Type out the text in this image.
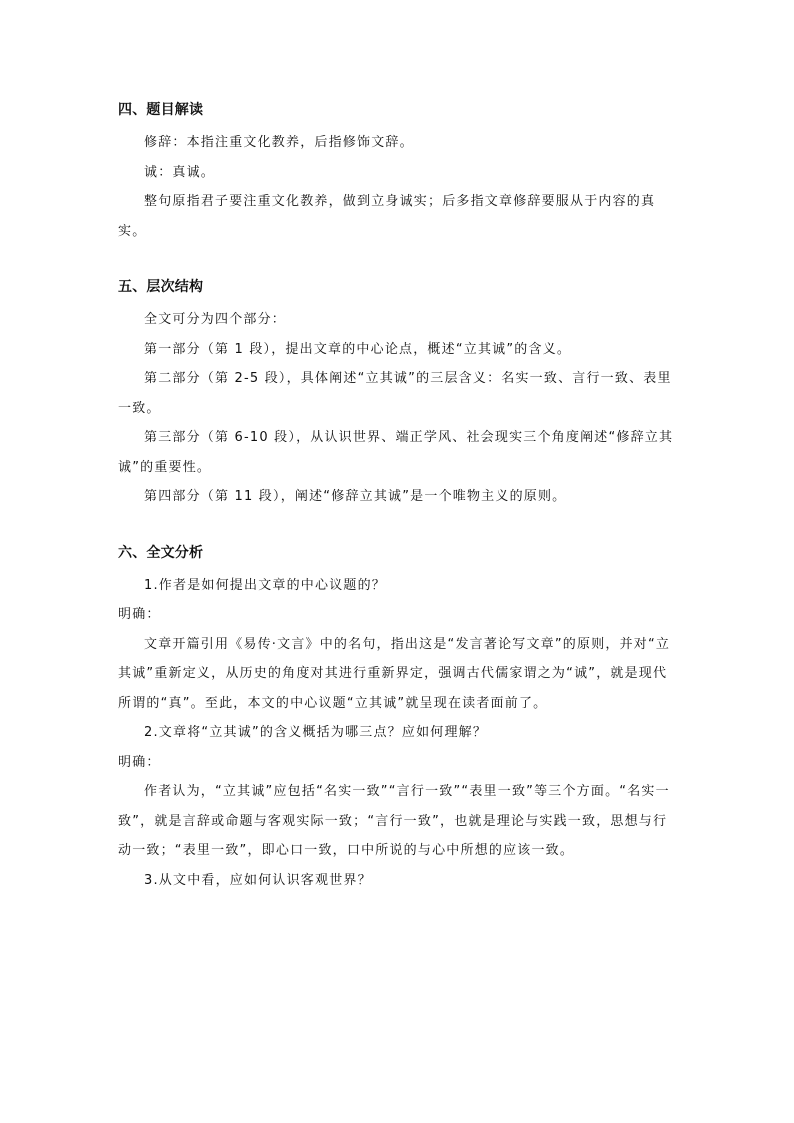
四、题目解读

修辞：本指注重文化教养，后指修饰文辞。

诚：真诚。

整句原指君子要注重文化教养，做到立身诚实；后多指文章修辞要服从于内容的真实。

五、层次结构

全文可分为四个部分：

第一部分（第 1 段），提出文章的中心论点，概述“立其诚”的含义。

第二部分（第 2-5 段），具体阐述“立其诚”的三层含义：名实一致、言行一致、表里一致。

第三部分（第 6-10 段），从认识世界、端正学风、社会现实三个角度阐述“修辞立其诚”的重要性。

第四部分（第 11 段），阐述“修辞立其诚”是一个唯物主义的原则。

六、全文分析

1.作者是如何提出文章的中心议题的？

明确：

文章开篇引用《易传·文言》中的名句，指出这是“发言著论写文章”的原则，并对“立其诚”重新定义，从历史的角度对其进行重新界定，强调古代儒家谓之为“诚”，就是现代所谓的“真”。至此，本文的中心议题“立其诚”就呈现在读者面前了。

2.文章将“立其诚”的含义概括为哪三点？应如何理解？

明确：

作者认为，“立其诚”应包括“名实一致”“言行一致”“表里一致”等三个方面。“名实一致”，就是言辞或命题与客观实际一致；“言行一致”，也就是理论与实践一致，思想与行动一致；“表里一致”，即心口一致，口中所说的与心中所想的应该一致。

3.从文中看，应如何认识客观世界？
